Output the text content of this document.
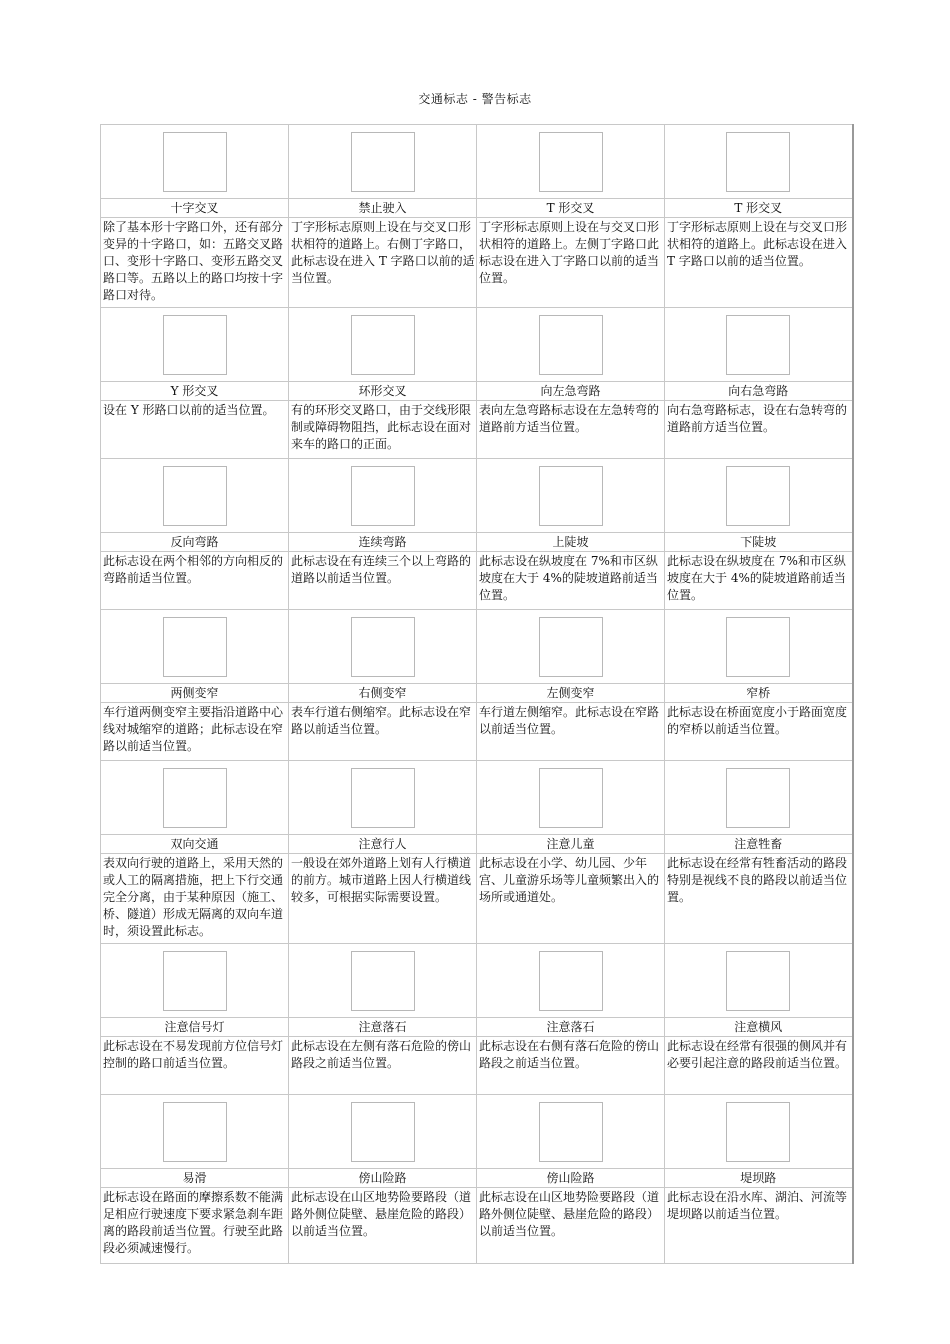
交通标志 - 警告标志

十字交叉	禁止驶入	T 形交叉	T 形交叉
除了基本形十字路口外，还有部分变异的十字路口，如：五路交叉路口、变形十字路口、变形五路交叉路口等。五路以上的路口均按十字路口对待。	丁字形标志原则上设在与交叉口形状相符的道路上。右侧丁字路口，此标志设在进入 T 字路口以前的适当位置。	丁字形标志原则上设在与交叉口形状相符的道路上。左侧丁字路口此标志设在进入丁字路口以前的适当位置。	丁字形标志原则上设在与交叉口形状相符的道路上。此标志设在进入 T 字路口以前的适当位置。

Y 形交叉	环形交叉	向左急弯路	向右急弯路
设在 Y 形路口以前的适当位置。	有的环形交叉路口，由于交线形限制或障碍物阻挡，此标志设在面对来车的路口的正面。	表向左急弯路标志设在左急转弯的道路前方适当位置。	向右急弯路标志，设在右急转弯的道路前方适当位置。

反向弯路	连续弯路	上陡坡	下陡坡
此标志设在两个相邻的方向相反的弯路前适当位置。	此标志设在有连续三个以上弯路的道路以前适当位置。	此标志设在纵坡度在 7%和市区纵坡度在大于 4%的陡坡道路前适当位置。	此标志设在纵坡度在 7%和市区纵坡度在大于 4%的陡坡道路前适当位置。

两侧变窄	右侧变窄	左侧变窄	窄桥
车行道两侧变窄主要指沿道路中心线对城缩窄的道路；此标志设在窄路以前适当位置。	表车行道右侧缩窄。此标志设在窄路以前适当位置。	车行道左侧缩窄。此标志设在窄路以前适当位置。	此标志设在桥面宽度小于路面宽度的窄桥以前适当位置。

双向交通	注意行人	注意儿童	注意牲畜
表双向行驶的道路上，采用天然的或人工的隔离措施，把上下行交通完全分离，由于某种原因（施工、桥、隧道）形成无隔离的双向车道时，须设置此标志。	一般设在郊外道路上划有人行横道的前方。城市道路上因人行横道线较多，可根据实际需要设置。	此标志设在小学、幼儿园、少年宫、儿童游乐场等儿童频繁出入的场所或通道处。	此标志设在经常有牲畜活动的路段特别是视线不良的路段以前适当位置。

注意信号灯	注意落石	注意落石	注意横风
此标志设在不易发现前方位信号灯控制的路口前适当位置。	此标志设在左侧有落石危险的傍山路段之前适当位置。	此标志设在右侧有落石危险的傍山路段之前适当位置。	此标志设在经常有很强的侧风并有必要引起注意的路段前适当位置。

易滑	傍山险路	傍山险路	堤坝路
此标志设在路面的摩擦系数不能满足相应行驶速度下要求紧急刹车距离的路段前适当位置。行驶至此路段必须减速慢行。	此标志设在山区地势险要路段（道路外侧位陡壁、悬崖危险的路段）以前适当位置。	此标志设在山区地势险要路段（道路外侧位陡壁、悬崖危险的路段）以前适当位置。	此标志设在沿水库、湖泊、河流等堤坝路以前适当位置。
